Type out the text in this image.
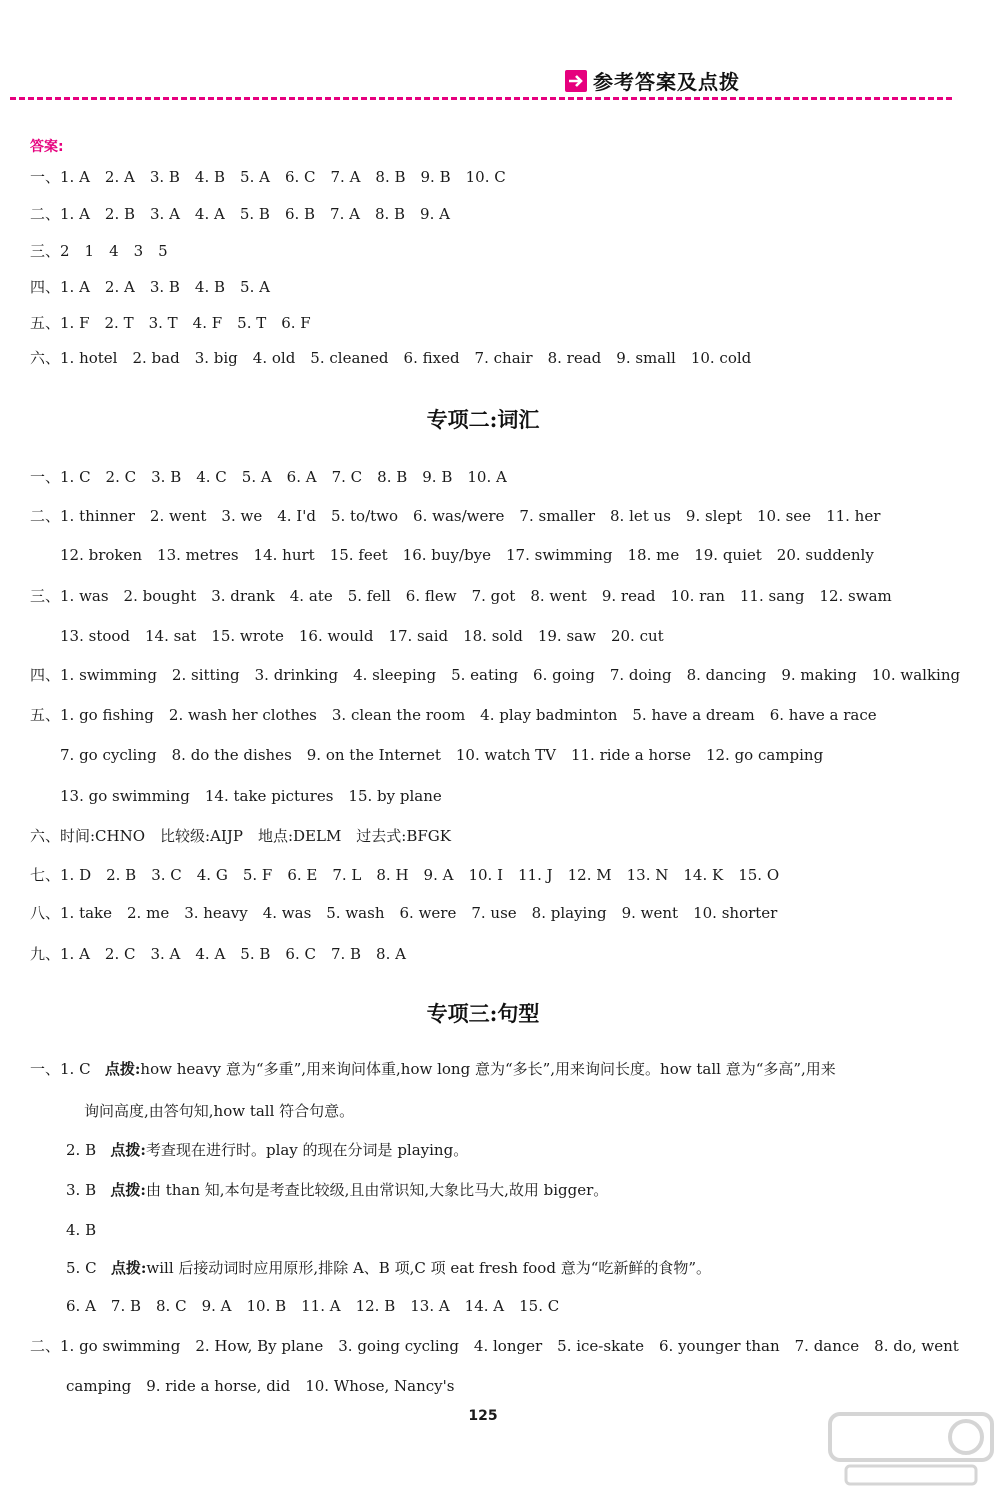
参考答案及点拨
答案:
一、1. A　2. A　3. B　4. B　5. A　6. C　7. A　8. B　9. B　10. C
二、1. A　2. B　3. A　4. A　5. B　6. B　7. A　8. B　9. A
三、2　1　4　3　5
四、1. A　2. A　3. B　4. B　5. A
五、1. F　2. T　3. T　4. F　5. T　6. F
六、1. hotel　2. bad　3. big　4. old　5. cleaned　6. fixed　7. chair　8. read　9. small　10. cold
专项二:词汇
一、1. C　2. C　3. B　4. C　5. A　6. A　7. C　8. B　9. B　10. A
二、1. thinner　2. went　3. we　4. I'd　5. to/two　6. was/were　7. smaller　8. let us　9. slept　10. see　11. her
12. broken　13. metres　14. hurt　15. feet　16. buy/bye　17. swimming　18. me　19. quiet　20. suddenly
三、1. was　2. bought　3. drank　4. ate　5. fell　6. flew　7. got　8. went　9. read　10. ran　11. sang　12. swam
13. stood　14. sat　15. wrote　16. would　17. said　18. sold　19. saw　20. cut
四、1. swimming　2. sitting　3. drinking　4. sleeping　5. eating　6. going　7. doing　8. dancing　9. making　10. walking
五、1. go fishing　2. wash her clothes　3. clean the room　4. play badminton　5. have a dream　6. have a race
7. go cycling　8. do the dishes　9. on the Internet　10. watch TV　11. ride a horse　12. go camping
13. go swimming　14. take pictures　15. by plane
六、时间:CHNO　比较级:AIJP　地点:DELM　过去式:BFGK
七、1. D　2. B　3. C　4. G　5. F　6. E　7. L　8. H　9. A　10. I　11. J　12. M　13. N　14. K　15. O
八、1. take　2. me　3. heavy　4. was　5. wash　6. were　7. use　8. playing　9. went　10. shorter
九、1. A　2. C　3. A　4. A　5. B　6. C　7. B　8. A
专项三:句型
一、1. C 点拨:how heavy 意为“多重”,用来询问体重,how long 意为“多长”,用来询问长度。how tall 意为“多高”,用来
询问高度,由答句知,how tall 符合句意。
2. B 点拨:考查现在进行时。play 的现在分词是 playing。
3. B 点拨:由 than 知,本句是考查比较级,且由常识知,大象比马大,故用 bigger。
4. B
5. C 点拨:will 后接动词时应用原形,排除 A、B 项,C 项 eat fresh food 意为“吃新鲜的食物”。
6. A　7. B　8. C　9. A　10. B　11. A　12. B　13. A　14. A　15. C
二、1. go swimming　2. How, By plane　3. going cycling　4. longer　5. ice-skate　6. younger than　7. dance　8. do, went
camping　9. ride a horse, did　10. Whose, Nancy's
125
